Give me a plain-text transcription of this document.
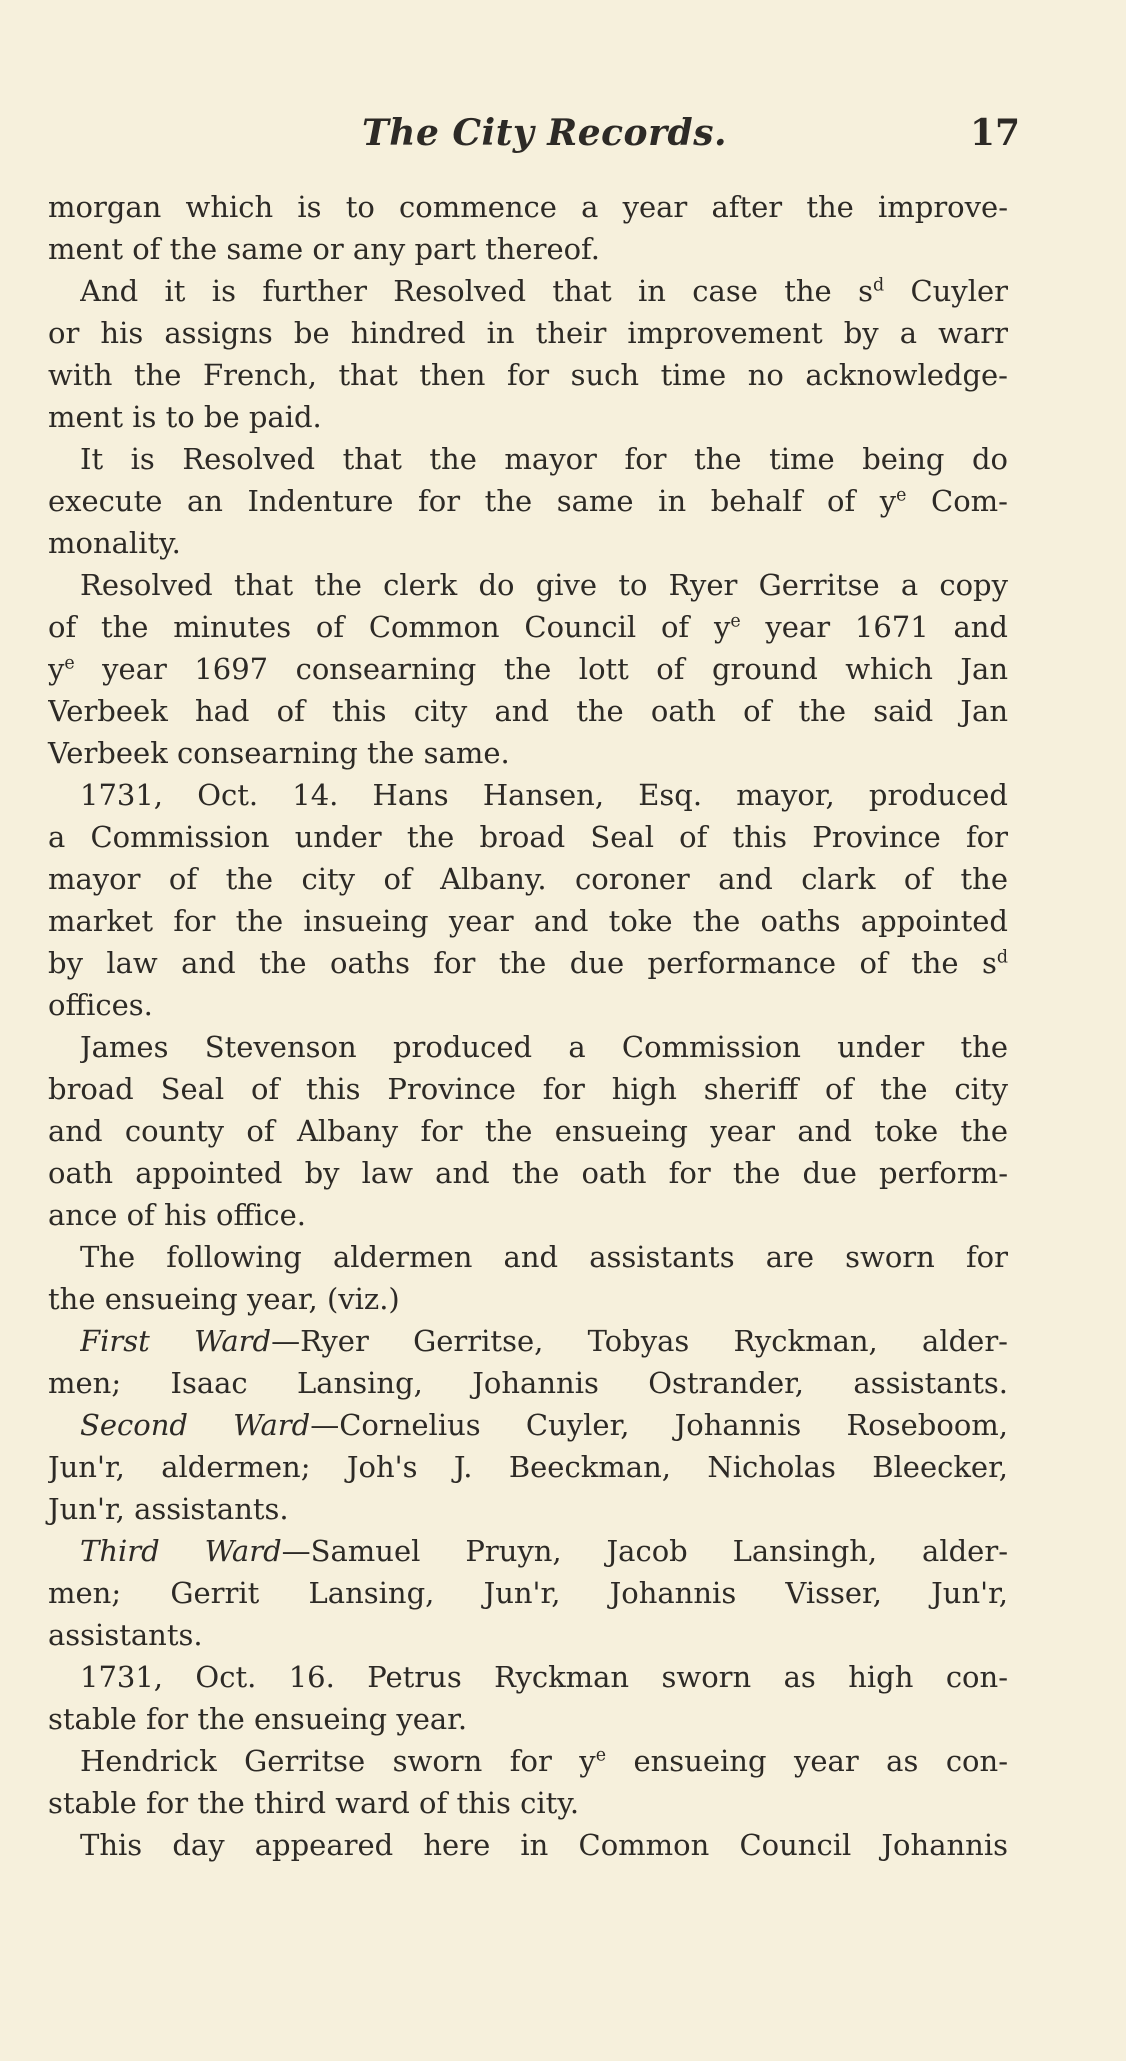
The City Records.	17
morgan which is to commence a year after the improve-
ment of the same or any part thereof.
And it is further Resolved that in case the $s^d$ Cuyler
or his assigns be hindred in their improvement by a warr
with the French, that then for such time no acknowledge-
ment is to be paid.
It is Resolved that the mayor for the time being do
execute an Indenture for the same in behalf of $y^e$ Com-
monality.
Resolved that the clerk do give to Ryer Gerritse a copy
of the minutes of Common Council of $y^e$ year 1671 and
$y^e$ year 1697 consearning the lott of ground which Jan
Verbeek had of this city and the oath of the said Jan
Verbeek consearning the same.
1731, Oct. 14. Hans Hansen, Esq. mayor, produced
a Commission under the broad Seal of this Province for
mayor of the city of Albany. coroner and clark of the
market for the insueing year and toke the oaths appointed
by law and the oaths for the due performance of the $s^d$
offices.
James Stevenson produced a Commission under the
broad Seal of this Province for high sheriff of the city
and county of Albany for the ensueing year and toke the
oath appointed by law and the oath for the due perform-
ance of his office.
The following aldermen and assistants are sworn for
the ensueing year, (viz.)
First Ward—Ryer Gerritse, Tobyas Ryckman, alder-
men; Isaac Lansing, Johannis Ostrander, assistants.
Second Ward—Cornelius Cuyler, Johannis Roseboom,
Jun'r, aldermen; Joh's J. Beeckman, Nicholas Bleecker,
Jun'r, assistants.
Third Ward—Samuel Pruyn, Jacob Lansingh, alder-
men; Gerrit Lansing, Jun'r, Johannis Visser, Jun'r,
assistants.
1731, Oct. 16. Petrus Ryckman sworn as high con-
stable for the ensueing year.
Hendrick Gerritse sworn for $y^e$ ensueing year as con-
stable for the third ward of this city.
This day appeared here in Common Council Johannis
